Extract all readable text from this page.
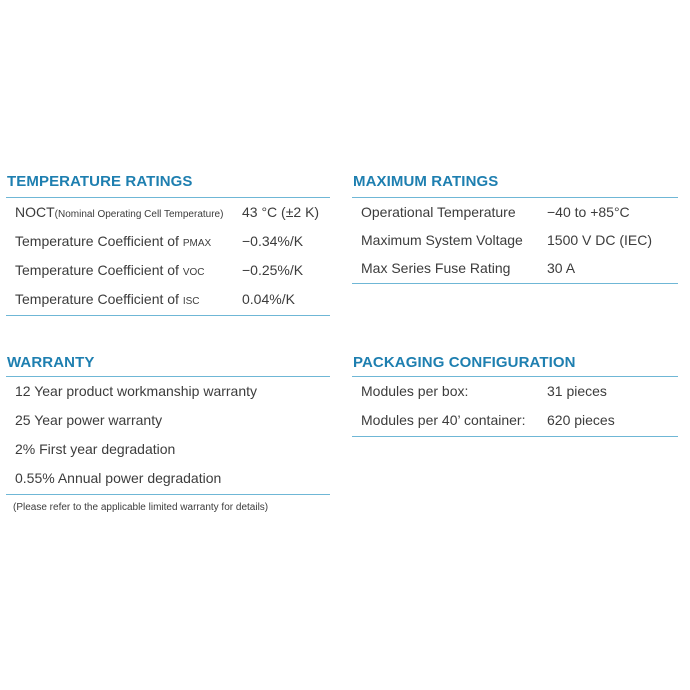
TEMPERATURE RATINGS
NOCT(Nominal Operating Cell Temperature) 43 °C (±2 K)
Temperature Coefficient of PMAX −0.34%/K
Temperature Coefficient of VOC	−0.25%/K
Temperature Coefficient of ISC	0.04%/K
MAXIMUM RATINGS
Operational Temperature −40 to +85°C
Maximum System Voltage 1500 V DC (IEC)
Max Series Fuse Rating	30 A
WARRANTY
12 Year product workmanship warranty
25 Year power warranty
2% First year degradation
0.55% Annual power degradation
(Please refer to the applicable limited warranty for details)
PACKAGING CONFIGURATION
Modules per box:	31 pieces
Modules per 40’ container: 620 pieces
